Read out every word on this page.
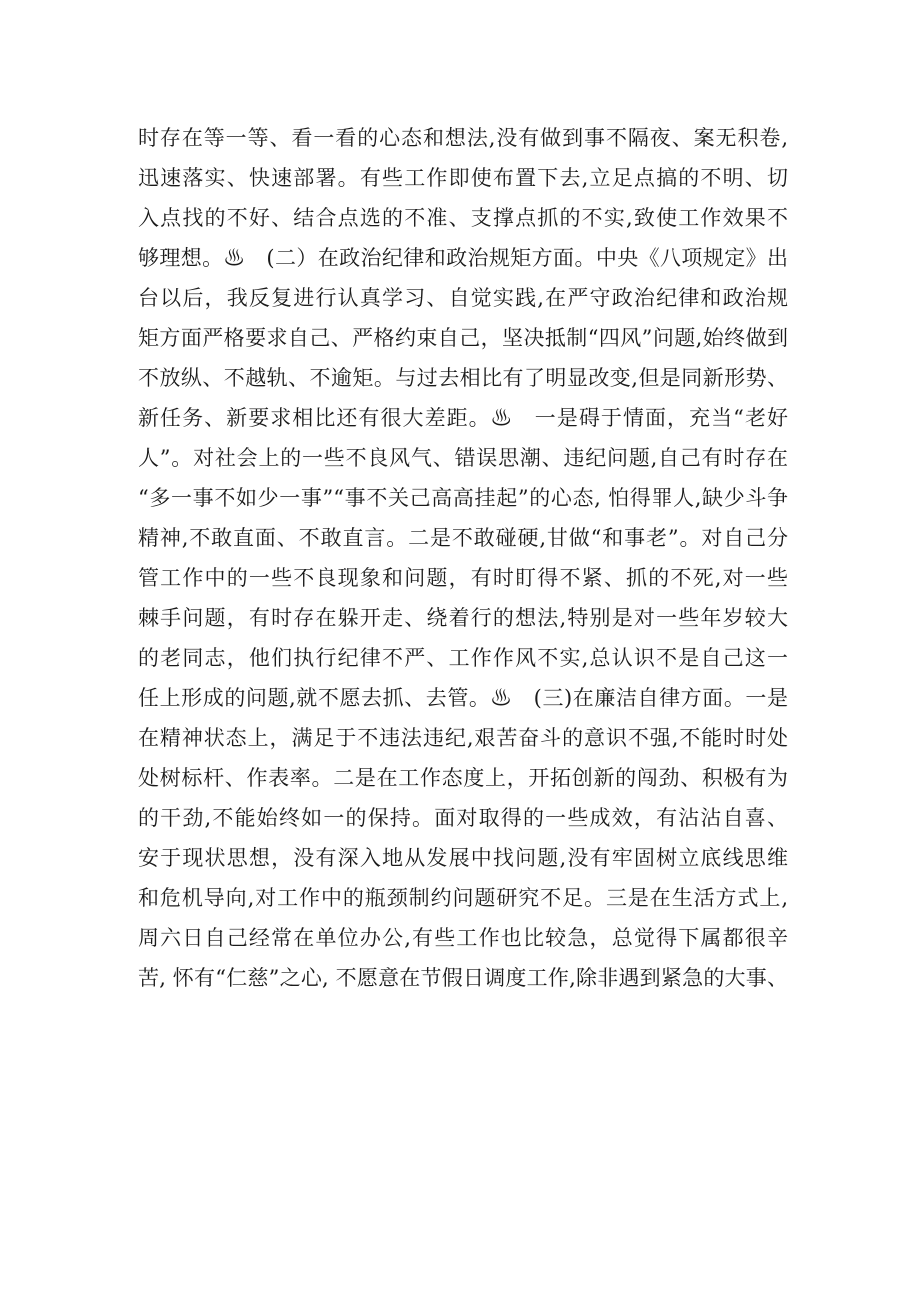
时存在等一等、看一看的心态和想法,没有做到事不隔夜、案无积卷,
迅速落实、快速部署。有些工作即使布置下去,立足点搞的不明、切
入点找的不好、结合点选的不准、支撑点抓的不实,致使工作效果不
够理想。♨　(二）在政治纪律和政治规矩方面。中央《八项规定》出
台以后，我反复进行认真学习、自觉实践,在严守政治纪律和政治规
矩方面严格要求自己、严格约束自己，坚决抵制“四风”问题,始终做到
不放纵、不越轨、不逾矩。与过去相比有了明显改变,但是同新形势、
新任务、新要求相比还有很大差距。♨　一是碍于情面，充当“老好
人”。对社会上的一些不良风气、错误思潮、违纪问题,自己有时存在
“多一事不如少一事”“事不关己高高挂起”的心态, 怕得罪人,缺少斗争
精神,不敢直面、不敢直言。二是不敢碰硬,甘做“和事老”。对自己分
管工作中的一些不良现象和问题，有时盯得不紧、抓的不死,对一些
棘手问题，有时存在躲开走、绕着行的想法,特别是对一些年岁较大
的老同志，他们执行纪律不严、工作作风不实,总认识不是自己这一
任上形成的问题,就不愿去抓、去管。♨　(三)在廉洁自律方面。一是
在精神状态上，满足于不违法违纪,艰苦奋斗的意识不强,不能时时处
处树标杆、作表率。二是在工作态度上，开拓创新的闯劲、积极有为
的干劲,不能始终如一的保持。面对取得的一些成效，有沾沾自喜、
安于现状思想，没有深入地从发展中找问题,没有牢固树立底线思维
和危机导向,对工作中的瓶颈制约问题研究不足。三是在生活方式上,
周六日自己经常在单位办公,有些工作也比较急，总觉得下属都很辛
苦, 怀有“仁慈”之心, 不愿意在节假日调度工作,除非遇到紧急的大事、
